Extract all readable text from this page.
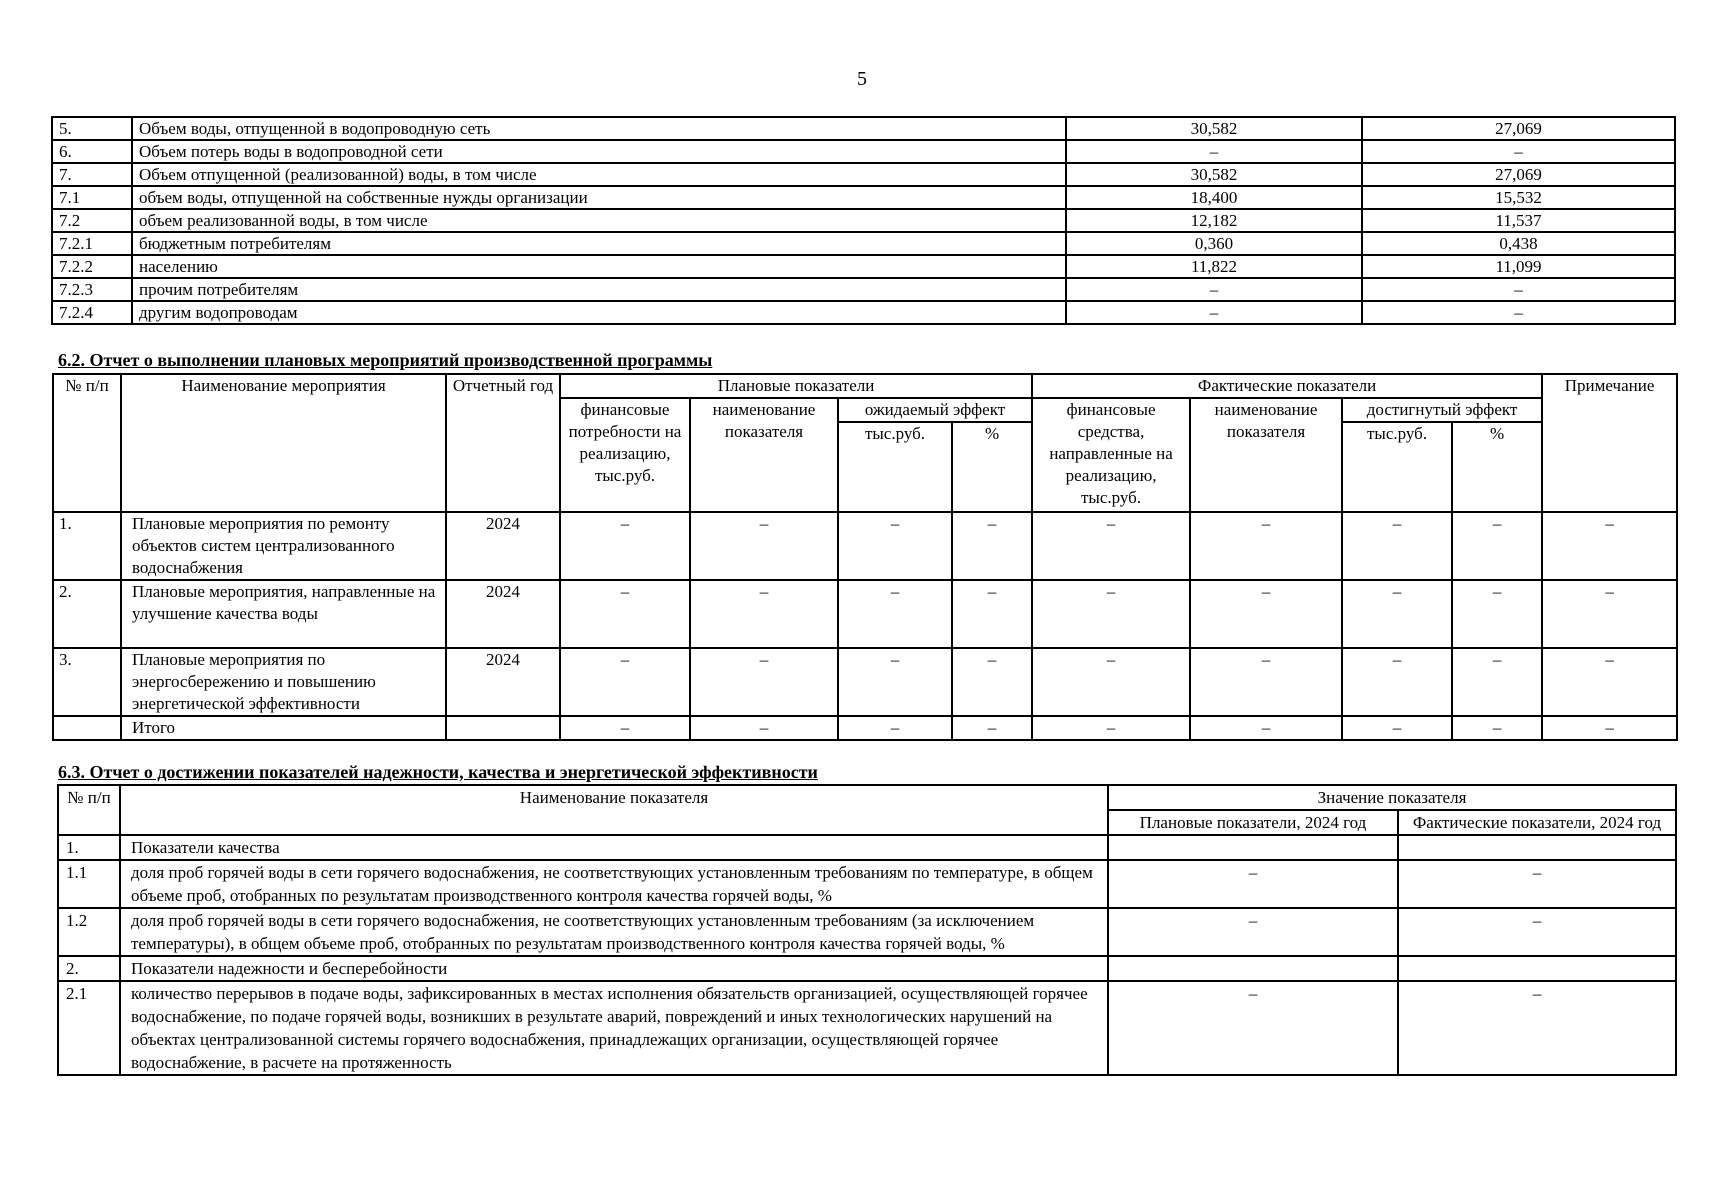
5
5.	Объем воды, отпущенной в водопроводную сеть	30,582	27,069
6.	Объем потерь воды в водопроводной сети	–	–
7.	Объем отпущенной (реализованной) воды, в том числе	30,582	27,069
7.1	объем воды, отпущенной на собственные нужды организации	18,400	15,532
7.2	объем реализованной воды, в том числе	12,182	11,537
7.2.1	бюджетным потребителям	0,360	0,438
7.2.2	населению	11,822	11,099
7.2.3	прочим потребителям	–	–
7.2.4	другим водопроводам	–	–
6.2. Отчет о выполнении плановых мероприятий производственной программы
№ п/п	Наименование мероприятия	Отчетный год	Плановые показатели				Фактические показатели				Примечание
			финансовые потребности на реализацию, тыс.руб.	наименование показателя	ожидаемый эффект		финансовые средства, направленные на реализацию, тыс.руб.	наименование показателя	достигнутый эффект		
					тыс.руб.	%			тыс.руб.	%	
1.	Плановые мероприятия по ремонту объектов систем централизованного водоснабжения	2024	–	–	–	–	–	–	–	–	–
2.	Плановые мероприятия, направленные на улучшение качества воды	2024	–	–	–	–	–	–	–	–	–
3.	Плановые мероприятия по энергосбережению и повышению энергетической эффективности	2024	–	–	–	–	–	–	–	–	–
	Итого		–	–	–	–	–	–	–	–	–
6.3. Отчет о достижении показателей надежности, качества и энергетической эффективности
№ п/п	Наименование показателя	Значение показателя	
		Плановые показатели, 2024 год	Фактические показатели, 2024 год
1.	Показатели качества		
1.1	доля проб горячей воды в сети горячего водоснабжения, не соответствующих установленным требованиям по температуре, в общем объеме проб, отобранных по результатам производственного контроля качества горячей воды, %	–	–
1.2	доля проб горячей воды в сети горячего водоснабжения, не соответствующих установленным требованиям (за исключением температуры), в общем объеме проб, отобранных по результатам производственного контроля качества горячей воды, %	–	–
2.	Показатели надежности и бесперебойности		
2.1	количество перерывов в подаче воды, зафиксированных в местах исполнения обязательств организацией, осуществляющей горячее водоснабжение, по подаче горячей воды, возникших в результате аварий, повреждений и иных технологических нарушений на объектах централизованной системы горячего водоснабжения, принадлежащих организации, осуществляющей горячее водоснабжение, в расчете на протяженность	–	–
